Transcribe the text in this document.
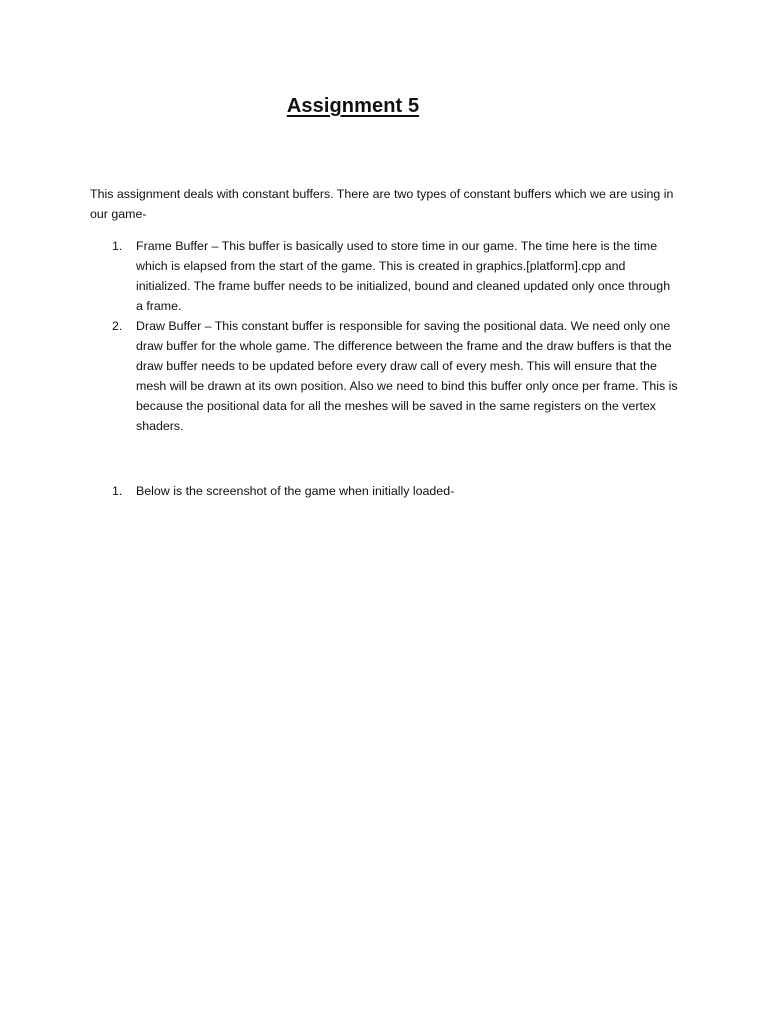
Assignment 5

This assignment deals with constant buffers. There are two types of constant buffers which we are using in our game-

1. Frame Buffer – This buffer is basically used to store time in our game. The time here is the time which is elapsed from the start of the game. This is created in graphics.[platform].cpp and initialized. The frame buffer needs to be initialized, bound and cleaned updated only once through a frame.
2. Draw Buffer – This constant buffer is responsible for saving the positional data. We need only one draw buffer for the whole game. The difference between the frame and the draw buffers is that the draw buffer needs to be updated before every draw call of every mesh. This will ensure that the mesh will be drawn at its own position. Also we need to bind this buffer only once per frame. This is because the positional data for all the meshes will be saved in the same registers on the vertex shaders.
1. Below is the screenshot of the game when initially loaded-
